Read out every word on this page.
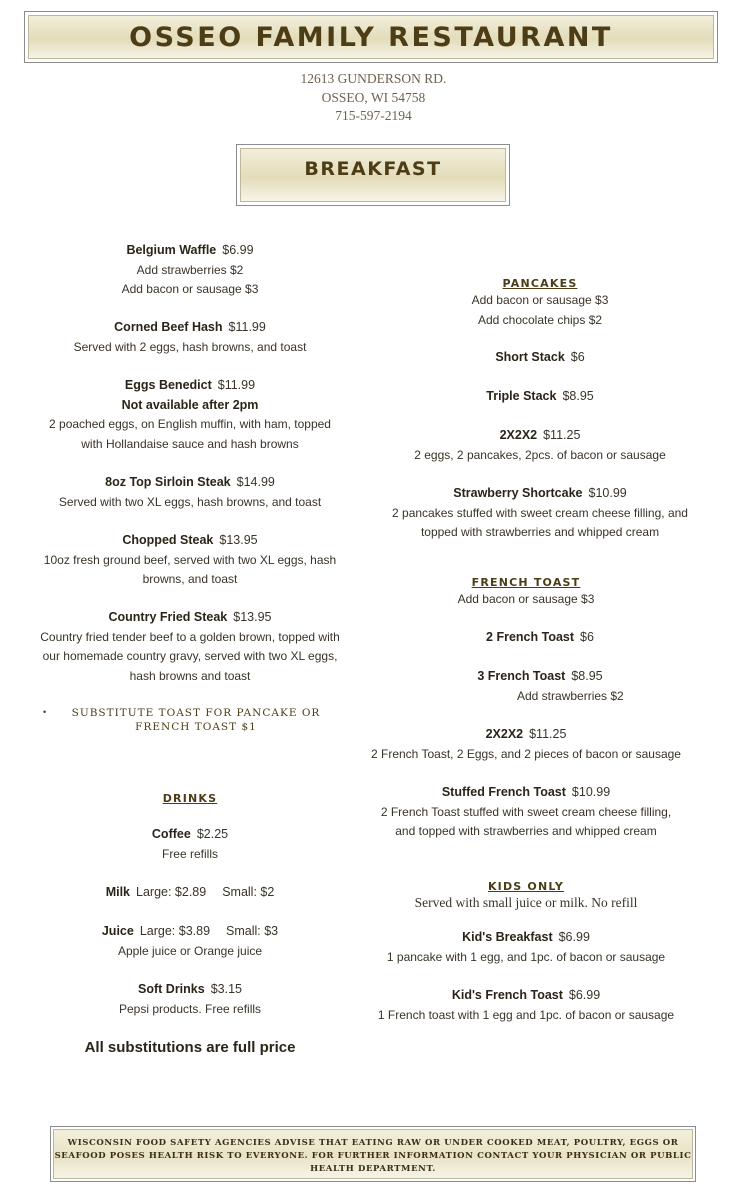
OSSEO FAMILY RESTAURANT
12613 GUNDERSON RD.
OSSEO, WI 54758
715-597-2194
BREAKFAST
Belgium Waffle $6.99
Add strawberries $2
Add bacon or sausage $3
Corned Beef Hash $11.99
Served with 2 eggs, hash browns, and toast
Eggs Benedict $11.99
Not available after 2pm
2 poached eggs, on English muffin, with ham, topped
with Hollandaise sauce and hash browns
8oz Top Sirloin Steak $14.99
Served with two XL eggs, hash browns, and toast
Chopped Steak $13.95
10oz fresh ground beef, served with two XL eggs, hash
browns, and toast
Country Fried Steak $13.95
Country fried tender beef to a golden brown, topped with
our homemade country gravy, served with two XL eggs,
hash browns and toast
•	SUBSTITUTE TOAST FOR PANCAKE OR
FRENCH TOAST $1
DRINKS
Coffee $2.25
Free refills
Milk Large: $2.89 Small: $2
Juice Large: $3.89 Small: $3
Apple juice or Orange juice
Soft Drinks $3.15
Pepsi products. Free refills
All substitutions are full price
PANCAKES
Add bacon or sausage $3
Add chocolate chips $2
Short Stack $6
Triple Stack $8.95
2X2X2 $11.25
2 eggs, 2 pancakes, 2pcs. of bacon or sausage
Strawberry Shortcake $10.99
2 pancakes stuffed with sweet cream cheese filling, and
topped with strawberries and whipped cream
FRENCH TOAST
Add bacon or sausage $3
2 French Toast $6
3 French Toast $8.95
Add strawberries $2
2X2X2 $11.25
2 French Toast, 2 Eggs, and 2 pieces of bacon or sausage
Stuffed French Toast $10.99
2 French Toast stuffed with sweet cream cheese filling,
and topped with strawberries and whipped cream
KIDS ONLY
Served with small juice or milk. No refill
Kid's Breakfast $6.99
1 pancake with 1 egg, and 1pc. of bacon or sausage
Kid's French Toast $6.99
1 French toast with 1 egg and 1pc. of bacon or sausage
WISCONSIN FOOD SAFETY AGENCIES ADVISE THAT EATING RAW OR UNDER COOKED MEAT, POULTRY, EGGS OR
SEAFOOD POSES HEALTH RISK TO EVERYONE. FOR FURTHER INFORMATION CONTACT YOUR PHYSICIAN OR PUBLIC
HEALTH DEPARTMENT.
